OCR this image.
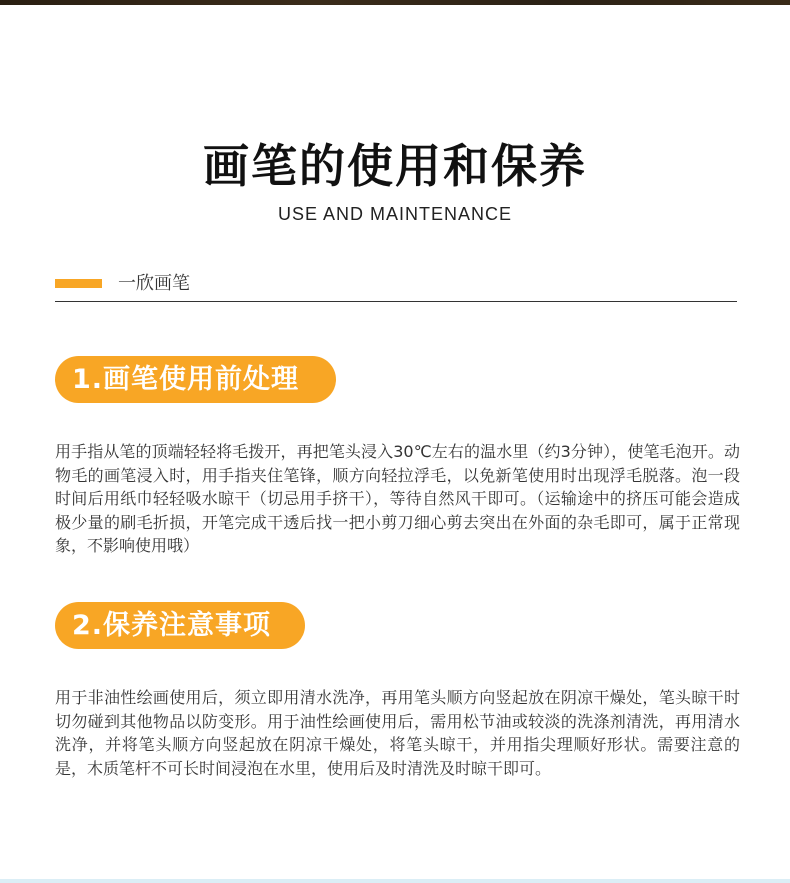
画笔的使用和保养
USE AND MAINTENANCE
一欣画笔
1.画笔使用前处理

用手指从笔的顶端轻轻将毛拨开，再把笔头浸入30℃左右的温水里（约3分钟），使笔毛泡开。动物毛的画笔浸入时，用手指夹住笔锋，顺方向轻拉浮毛，以免新笔使用时出现浮毛脱落。泡一段时间后用纸巾轻轻吸水晾干（切忌用手挤干），等待自然风干即可。（运输途中的挤压可能会造成极少量的刷毛折损，开笔完成干透后找一把小剪刀细心剪去突出在外面的杂毛即可，属于正常现象，不影响使用哦）

2.保养注意事项

用于非油性绘画使用后，须立即用清水洗净，再用笔头顺方向竖起放在阴凉干燥处，笔头晾干时切勿碰到其他物品以防变形。用于油性绘画使用后，需用松节油或较淡的洗涤剂清洗，再用清水洗净，并将笔头顺方向竖起放在阴凉干燥处，将笔头晾干，并用指尖理顺好形状。需要注意的是，木质笔杆不可长时间浸泡在水里，使用后及时清洗及时晾干即可。
